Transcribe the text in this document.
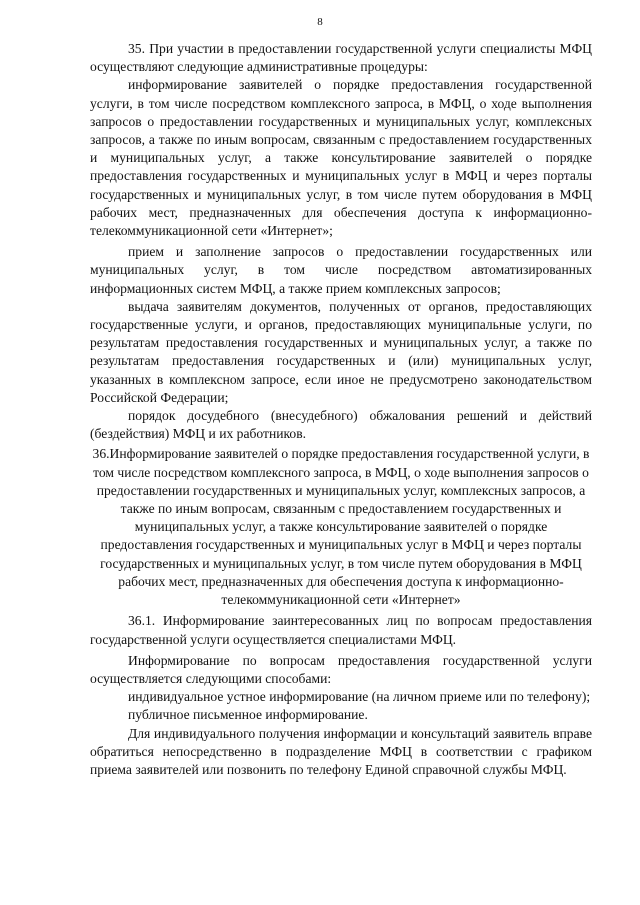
8

35. При участии в предоставлении государственной услуги специалисты МФЦ осуществляют следующие административные процедуры:

информирование заявителей о порядке предоставления государственной услуги, в том числе посредством комплексного запроса, в МФЦ, о ходе выполнения запросов о предоставлении государственных и муниципальных услуг, комплексных запросов, а также по иным вопросам, связанным с предоставлением государственных и муниципальных услуг, а также консультирование заявителей о порядке предоставления государственных и муниципальных услуг в МФЦ и через порталы государственных и муниципальных услуг, в том числе путем оборудования в МФЦ рабочих мест, предназначенных для обеспечения доступа к информационно-телекоммуникационной сети «Интернет»;

прием и заполнение запросов о предоставлении государственных или муниципальных услуг, в том числе посредством автоматизированных информационных систем МФЦ, а также прием комплексных запросов;

выдача заявителям документов, полученных от органов, предоставляющих государственные услуги, и органов, предоставляющих муниципальные услуги, по результатам предоставления государственных и муниципальных услуг, а также по результатам предоставления государственных и (или) муниципальных услуг, указанных в комплексном запросе, если иное не предусмотрено законодательством Российской Федерации;

порядок досудебного (внесудебного) обжалования решений и действий (бездействия) МФЦ и их работников.

36.Информирование заявителей о порядке предоставления государственной услуги, в том числе посредством комплексного запроса, в МФЦ, о ходе выполнения запросов о предоставлении государственных и муниципальных услуг, комплексных запросов, а также по иным вопросам, связанным с предоставлением государственных и муниципальных услуг, а также консультирование заявителей о порядке предоставления государственных и муниципальных услуг в МФЦ и через порталы государственных и муниципальных услуг, в том числе путем оборудования в МФЦ рабочих мест, предназначенных для обеспечения доступа к информационно-телекоммуникационной сети «Интернет»

36.1. Информирование заинтересованных лиц по вопросам предоставления государственной услуги осуществляется специалистами МФЦ.

Информирование по вопросам предоставления государственной услуги осуществляется следующими способами:

индивидуальное устное информирование (на личном приеме или по телефону);

публичное письменное информирование.

Для индивидуального получения информации и консультаций заявитель вправе обратиться непосредственно в подразделение МФЦ в соответствии с графиком приема заявителей или позвонить по телефону Единой справочной службы МФЦ.
